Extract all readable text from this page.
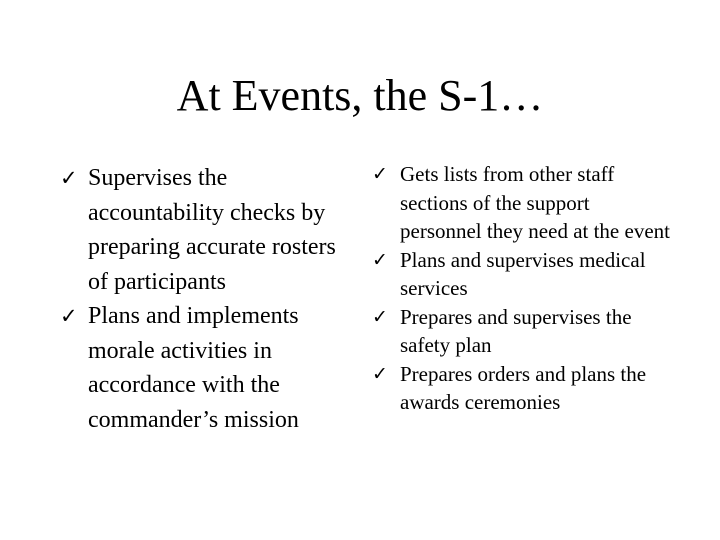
At Events, the S-1…
✓ Supervises the accountability checks by preparing accurate rosters of participants
✓ Plans and implements morale activities in accordance with the commander’s mission
✓ Gets lists from other staff sections of the support personnel they need at the event
✓ Plans and supervises medical services
✓ Prepares and supervises the safety plan
✓ Prepares orders and plans the awards ceremonies
